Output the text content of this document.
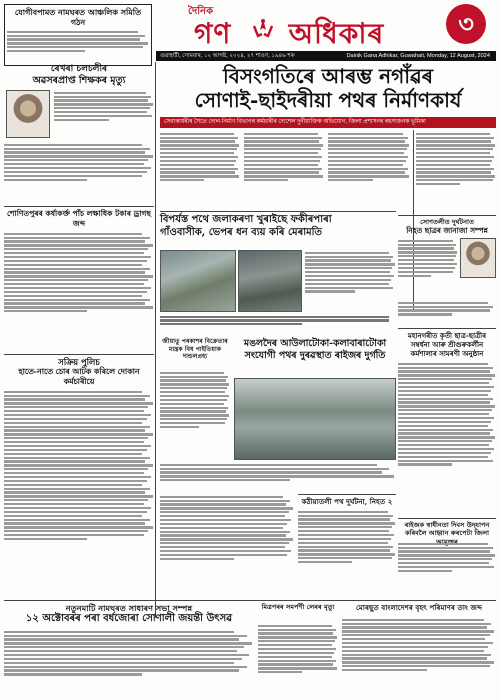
যোগীবপামত নামঘৰত আঞ্চলিক সমিতি গঠন
দৈনিক
গণ অধিকাৰ	৩
গুৱাহাটী, সোমবাৰ, ১২ আগষ্ট, ২০২৪, ২৭ শাওণ, ১৯৪৬ শক	Dainik Gana Adhikar, Guwahati, Monday, 12 August, 2024
ৰেখৰা চলচলীৰ
অৱসৰপ্ৰাপ্ত শিক্ষকৰ মৃত্যু
শোণিতপুৰৰ কৰ্ষাকৰ্ক্ত পাঁচ লক্ষাধিক টকাৰ ড্ৰাগছ জব্দ
সক্ৰিয় পুলিচ
হাতে-নাতে চোৰ আটক কৰিলে দোকান কৰ্মচাৰীয়ে
বিসংগতিৰে আৰম্ভ নগাঁৱৰ
সোণাই-ছাইদৰীয়া পথৰ নিৰ্মাণকাৰ্য
সেবাকাৰ্যৰীৰ সৈতে দোল-নিৰ্মাণ বিভাগৰ কৰ্মচাৰীৰ দোশেল দুৰ্নীয়াক্তিক অভিযোগ, জিলা প্ৰশাসনৰ ৰহস্যজনক ভূমিকা
সোণতলীত দুৰ্ঘটনাত
নিহত ছাত্ৰৰ জানাজা সম্পন্ন
মহানগৰীত কৃতী ছাত্ৰ-ছাত্ৰীৰ
সম্বৰ্ধনা আৰু শ্ৰীগুৰুকৰ্লীন
কৰ্মশালাৰ সামৰণী অনুষ্ঠান
বিপৰ্যস্ত পথে জলাকৰণা খুৰাইছে ফকীৰপাৰা
গাঁওবাসীক, ভেপৰ ধন ব্যয় কৰি মেৰামতি
জীয়াতু পৰকাশৰ বিক্ৰেতাৰ মান্ত্ৰক বিষ পাইতিয়াক দান্ডলপ্ৰহ্য
মঙলদৈৰ আউলাটোকা-কলাবাৰাটোকা
সংযোগী পথৰ দুৰৱস্থাত ৰাইজৰ দুৰ্গতি
কঠীয়াতলী পথ দুৰ্ঘটনা, নিহত ২
ৰাইজক স্বাধীনতা দিবস উদ্‌যাপন
কৰিবলৈ আহ্বান ৰুৰপেটা জিলা
নতুনমাটি নামঘৰত সাধাৰণ সভা সম্পন্ন
১২ অক্টোবৰৰ পৰা বৰ্ধজোৰা সোণালী জয়ন্তী উৎসৱ
মিত্ৰপৰৰ সমৰ্পণী লেৰৰ মৃত্যু	মোৰছুত বাংলাদেশৰ বৃহৎ পৰিমাণৰ তাং জব্দ
